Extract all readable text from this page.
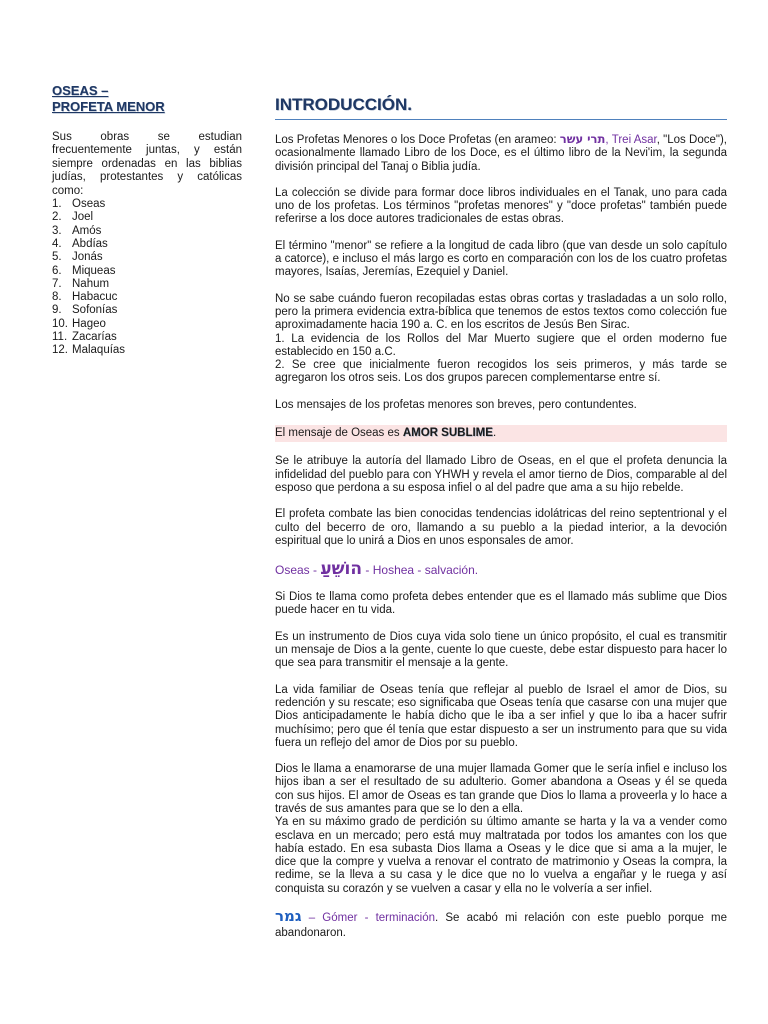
OSEAS –
PROFETA MENOR
Sus obras se estudian frecuentemente juntas, y están siempre ordenadas en las biblias judías, protestantes y católicas como:
1. Oseas
2. Joel
3. Amós
4. Abdías
5. Jonás
6. Miqueas
7. Nahum
8. Habacuc
9. Sofonías
10. Hageo
11. Zacarías
12. Malaquías
INTRODUCCIÓN.

Los Profetas Menores o los Doce Profetas (en arameo: תרי עשר, Trei Asar, "Los Doce"), ocasionalmente llamado Libro de los Doce, es el último libro de la Nevi'im, la segunda división principal del Tanaj o Biblia judía.

La colección se divide para formar doce libros individuales en el Tanak, uno para cada uno de los profetas. Los términos "profetas menores" y "doce profetas" también puede referirse a los doce autores tradicionales de estas obras.

El término "menor" se refiere a la longitud de cada libro (que van desde un solo capítulo a catorce), e incluso el más largo es corto en comparación con los de los cuatro profetas mayores, Isaías, Jeremías, Ezequiel y Daniel.

No se sabe cuándo fueron recopiladas estas obras cortas y trasladadas a un solo rollo, pero la primera evidencia extra-bíblica que tenemos de estos textos como colección fue aproximadamente hacia 190 a. C. en los escritos de Jesús Ben Sirac.

1. La evidencia de los Rollos del Mar Muerto sugiere que el orden moderno fue establecido en 150 a.C.

2. Se cree que inicialmente fueron recogidos los seis primeros, y más tarde se agregaron los otros seis. Los dos grupos parecen complementarse entre sí.

Los mensajes de los profetas menores son breves, pero contundentes.

El mensaje de Oseas es AMOR SUBLIME.

Se le atribuye la autoría del llamado Libro de Oseas, en el que el profeta denuncia la infidelidad del pueblo para con YHWH y revela el amor tierno de Dios, comparable al del esposo que perdona a su esposa infiel o al del padre que ama a su hijo rebelde.

El profeta combate las bien conocidas tendencias idolátricas del reino septentrional y el culto del becerro de oro, llamando a su pueblo a la piedad interior, a la devoción espiritual que lo unirá a Dios en unos esponsales de amor.

Oseas - הוֹשֵׁעַ - Hoshea - salvación.

Si Dios te llama como profeta debes entender que es el llamado más sublime que Dios puede hacer en tu vida.

Es un instrumento de Dios cuya vida solo tiene un único propósito, el cual es transmitir un mensaje de Dios a la gente, cuente lo que cueste, debe estar dispuesto para hacer lo que sea para transmitir el mensaje a la gente.

La vida familiar de Oseas tenía que reflejar al pueblo de Israel el amor de Dios, su redención y su rescate; eso significaba que Oseas tenía que casarse con una mujer que Dios anticipadamente le había dicho que le iba a ser infiel y que lo iba a hacer sufrir muchísimo; pero que él tenía que estar dispuesto a ser un instrumento para que su vida fuera un reflejo del amor de Dios por su pueblo.

Dios le llama a enamorarse de una mujer llamada Gomer que le sería infiel e incluso los hijos iban a ser el resultado de su adulterio. Gomer abandona a Oseas y él se queda con sus hijos. El amor de Oseas es tan grande que Dios lo llama a proveerla y lo hace a través de sus amantes para que se lo den a ella.

Ya en su máximo grado de perdición su último amante se harta y la va a vender como esclava en un mercado; pero está muy maltratada por todos los amantes con los que había estado. En esa subasta Dios llama a Oseas y le dice que si ama a la mujer, le dice que la compre y vuelva a renovar el contrato de matrimonio y Oseas la compra, la redime, se la lleva a su casa y le dice que no lo vuelva a engañar y le ruega y así conquista su corazón y se vuelven a casar y ella no le volvería a ser infiel.

גמר – Gómer - terminación. Se acabó mi relación con este pueblo porque me abandonaron.
